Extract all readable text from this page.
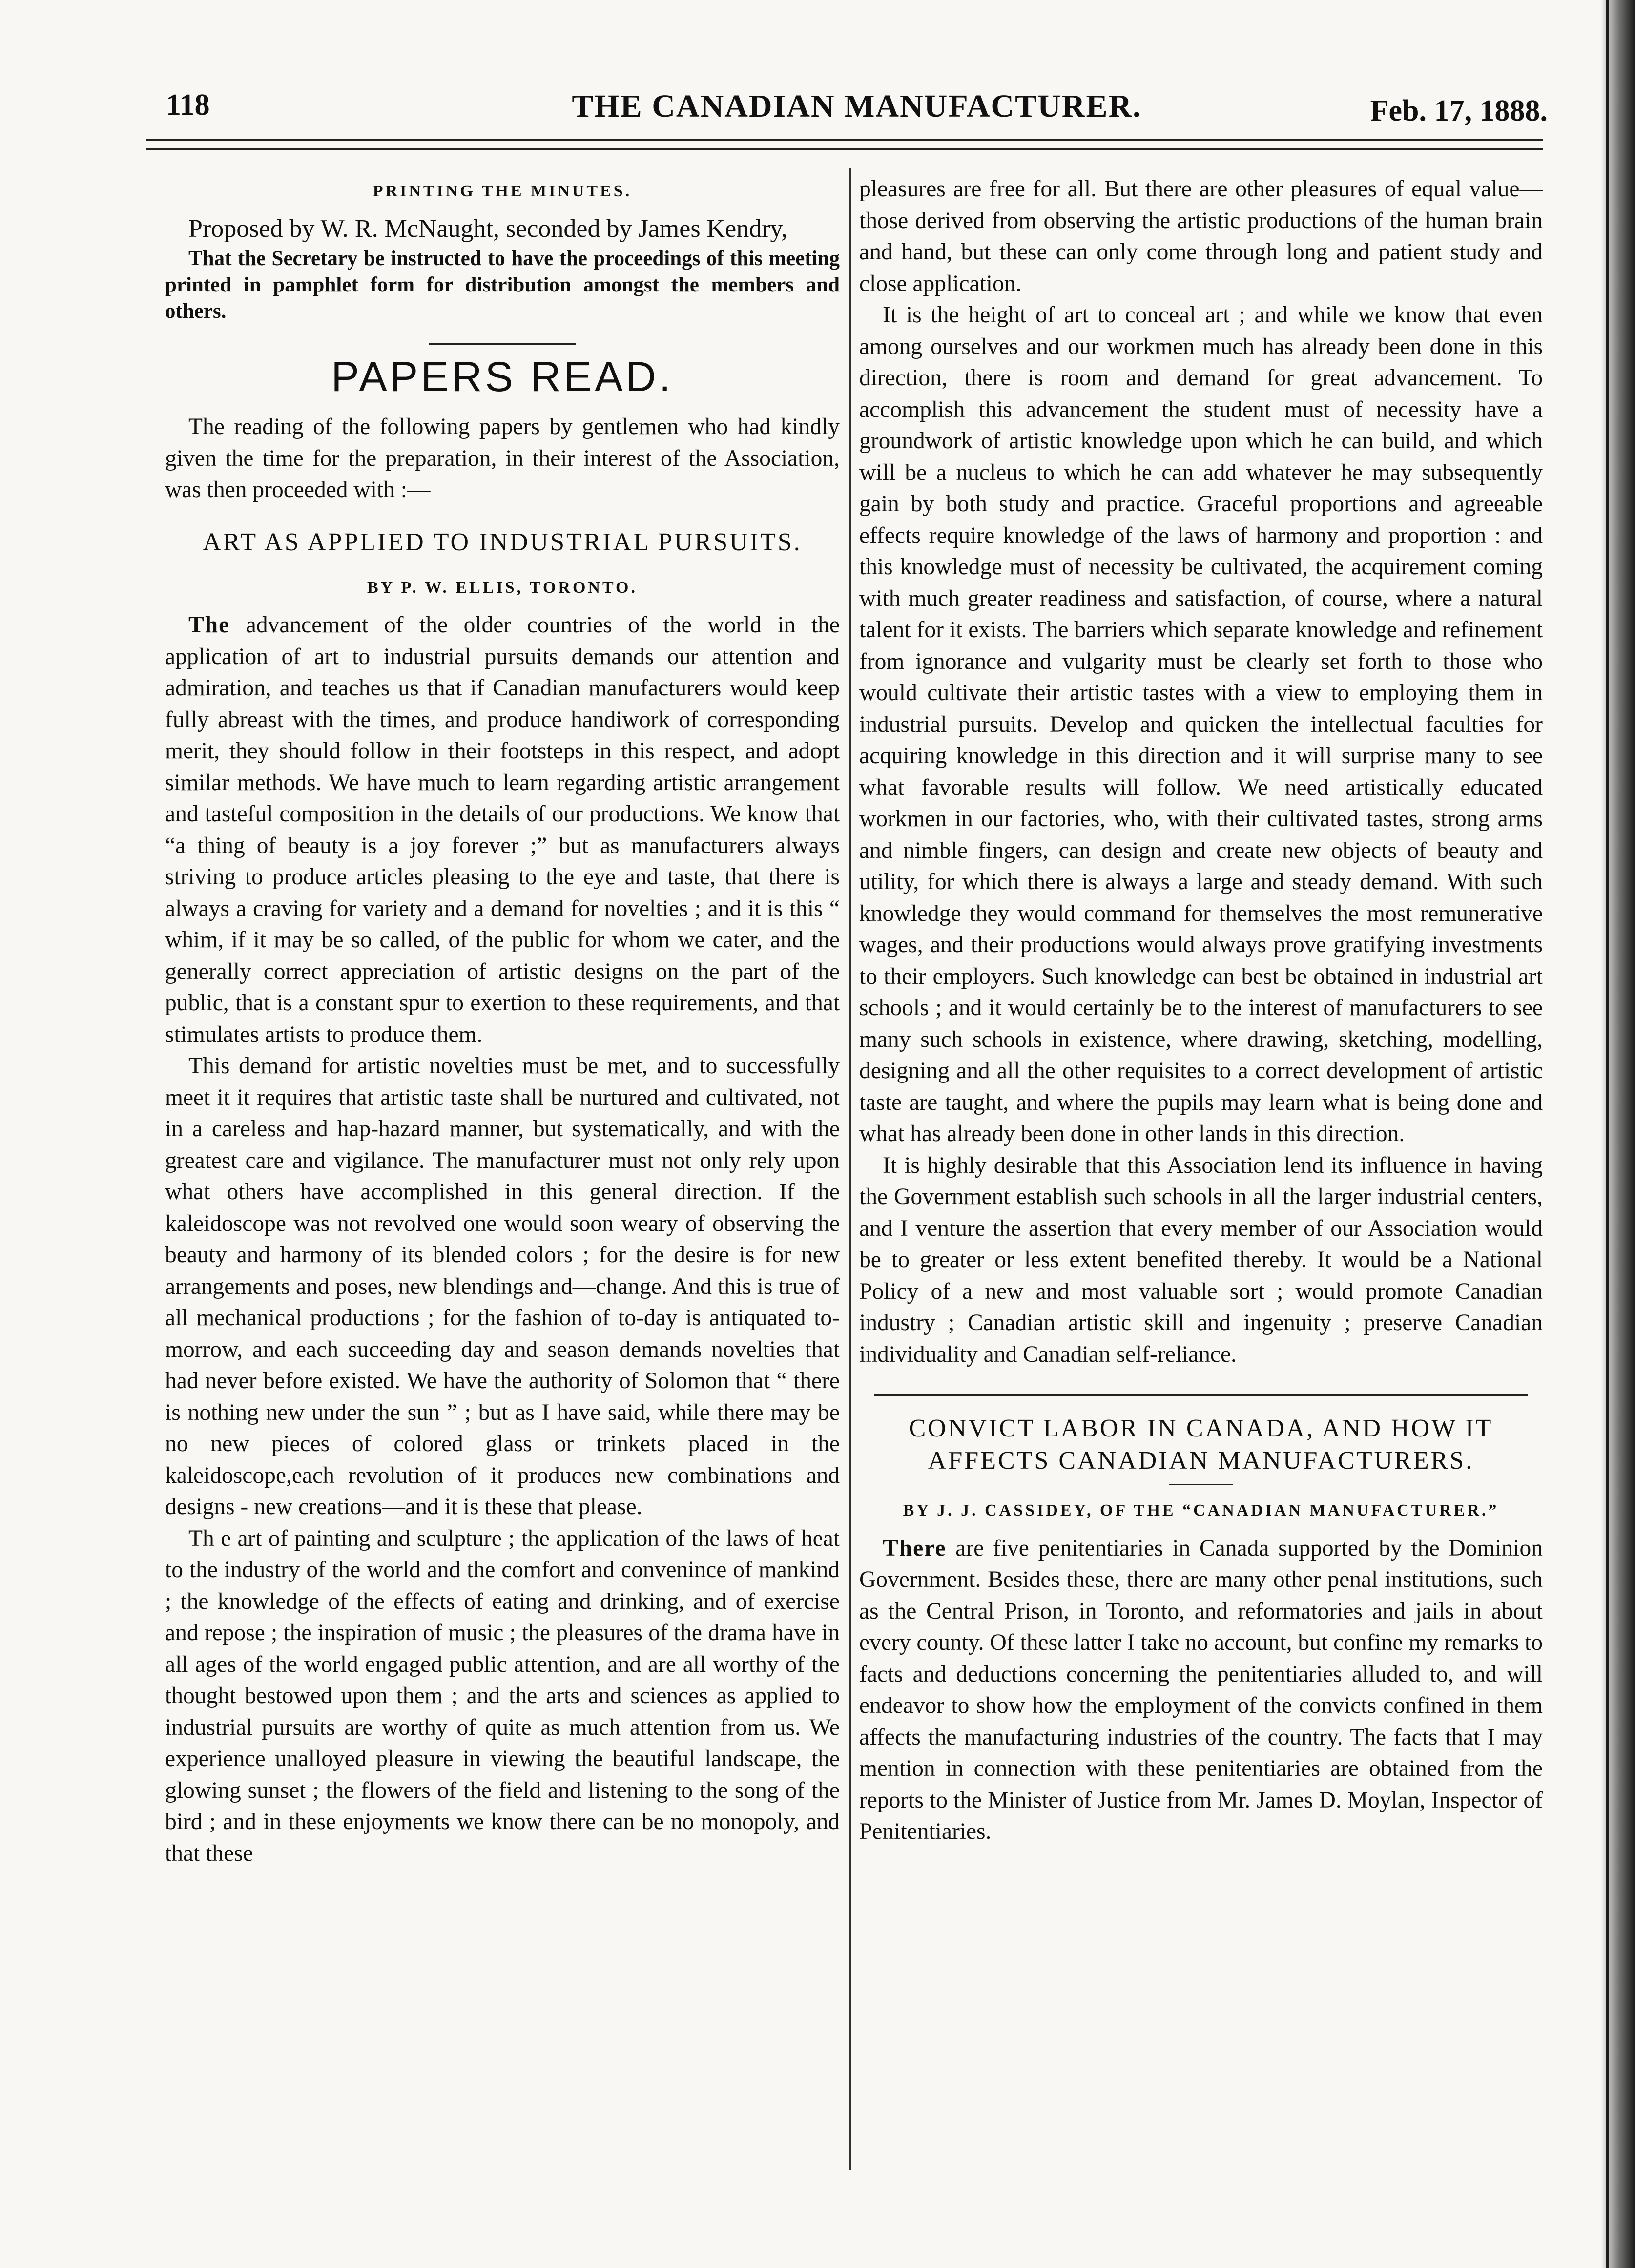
118	THE CANADIAN MANUFACTURER.	Feb. 17, 1888.
PRINTING THE MINUTES.

Proposed by W. R. McNaught, seconded by James Kendry,

That the Secretary be instructed to have the proceedings of this meeting printed in pamphlet form for distribution amongst the members and others.

PAPERS READ.

The reading of the following papers by gentlemen who had kindly given the time for the preparation, in their interest of the Association, was then proceeded with :—

ART AS APPLIED TO INDUSTRIAL PURSUITS.
BY P. W. ELLIS, TORONTO.

The advancement of the older countries of the world in the application of art to industrial pursuits demands our attention and admiration, and teaches us that if Canadian manufacturers would keep fully abreast with the times, and produce handiwork of corresponding merit, they should follow in their footsteps in this respect, and adopt similar methods. We have much to learn regarding artistic arrangement and tasteful composition in the details of our productions. We know that “a thing of beauty is a joy forever ;” but as manufacturers always striving to produce articles pleasing to the eye and taste, that there is always a craving for variety and a demand for novelties ; and it is this “ whim, if it may be so called, of the public for whom we cater, and the generally correct appreciation of artistic designs on the part of the public, that is a constant spur to exertion to these requirements, and that stimulates artists to produce them.

This demand for artistic novelties must be met, and to successfully meet it it requires that artistic taste shall be nurtured and cultivated, not in a careless and hap-hazard manner, but systematically, and with the greatest care and vigilance. The manufacturer must not only rely upon what others have accomplished in this general direction. If the kaleidoscope was not revolved one would soon weary of observing the beauty and harmony of its blended colors ; for the desire is for new arrangements and poses, new blendings and—change. And this is true of all mechanical productions ; for the fashion of to-day is antiquated to-morrow, and each succeeding day and season demands novelties that had never before existed. We have the authority of Solomon that “ there is nothing new under the sun ” ; but as I have said, while there may be no new pieces of colored glass or trinkets placed in the kaleidoscope,each revolution of it produces new combinations and designs - new creations—and it is these that please.

Th e art of painting and sculpture ; the application of the laws of heat to the industry of the world and the comfort and convenince of mankind ; the knowledge of the effects of eating and drinking, and of exercise and repose ; the inspiration of music ; the pleasures of the drama have in all ages of the world engaged public attention, and are all worthy of the thought bestowed upon them ; and the arts and sciences as applied to industrial pursuits are worthy of quite as much attention from us. We experience unalloyed pleasure in viewing the beautiful landscape, the glowing sunset ; the flowers of the field and listening to the song of the bird ; and in these enjoyments we know there can be no monopoly, and that these

pleasures are free for all. But there are other pleasures of equal value—those derived from observing the artistic productions of the human brain and hand, but these can only come through long and patient study and close application.

It is the height of art to conceal art ; and while we know that even among ourselves and our workmen much has already been done in this direction, there is room and demand for great advancement. To accomplish this advancement the student must of necessity have a groundwork of artistic knowledge upon which he can build, and which will be a nucleus to which he can add whatever he may subsequently gain by both study and practice. Graceful proportions and agreeable effects require knowledge of the laws of harmony and proportion : and this knowledge must of necessity be cultivated, the acquirement coming with much greater readiness and satisfaction, of course, where a natural talent for it exists. The barriers which separate knowledge and refinement from ignorance and vulgarity must be clearly set forth to those who would cultivate their artistic tastes with a view to employing them in industrial pursuits. Develop and quicken the intellectual faculties for acquiring knowledge in this direction and it will surprise many to see what favorable results will follow. We need artistically educated workmen in our factories, who, with their cultivated tastes, strong arms and nimble fingers, can design and create new objects of beauty and utility, for which there is always a large and steady demand. With such knowledge they would command for themselves the most remunerative wages, and their productions would always prove gratifying investments to their employers. Such knowledge can best be obtained in industrial art schools ; and it would certainly be to the interest of manufacturers to see many such schools in existence, where drawing, sketching, modelling, designing and all the other requisites to a correct development of artistic taste are taught, and where the pupils may learn what is being done and what has already been done in other lands in this direction.

It is highly desirable that this Association lend its influence in having the Government establish such schools in all the larger industrial centers, and I venture the assertion that every member of our Association would be to greater or less extent benefited thereby. It would be a National Policy of a new and most valuable sort ; would promote Canadian industry ; Canadian artistic skill and ingenuity ; preserve Canadian individuality and Canadian self-reliance.

CONVICT LABOR IN CANADA, AND HOW IT AFFECTS CANADIAN MANUFACTURERS.
BY J. J. CASSIDEY, OF THE “CANADIAN MANUFACTURER.”

There are five penitentiaries in Canada supported by the Dominion Government. Besides these, there are many other penal institutions, such as the Central Prison, in Toronto, and reformatories and jails in about every county. Of these latter I take no account, but confine my remarks to facts and deductions concerning the penitentiaries alluded to, and will endeavor to show how the employment of the convicts confined in them affects the manufacturing industries of the country. The facts that I may mention in connection with these penitentiaries are obtained from the reports to the Minister of Justice from Mr. James D. Moylan, Inspector of Penitentiaries.
